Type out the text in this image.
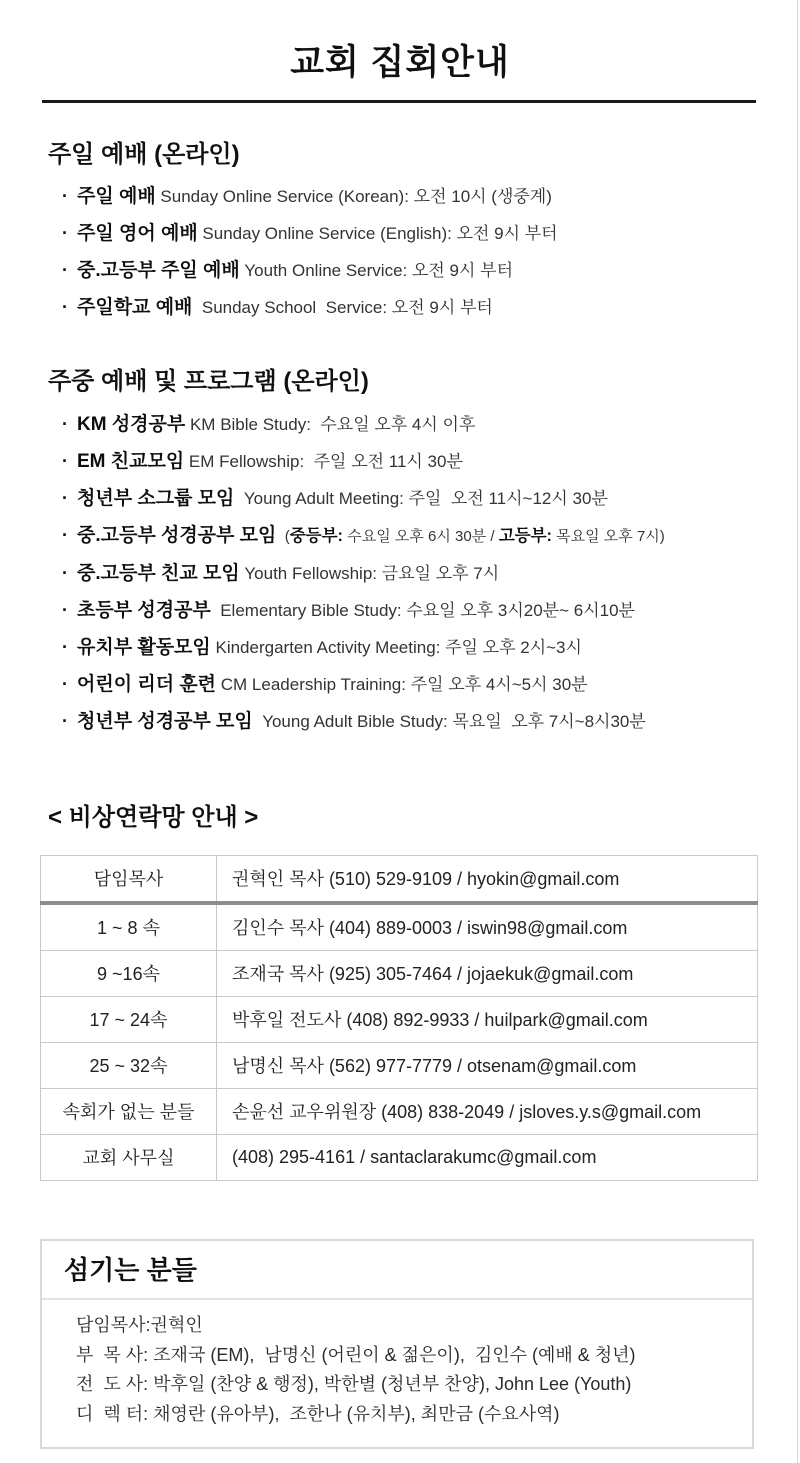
교회 집회안내
주일 예배 (온라인)
· 주일 예배 Sunday Online Service (Korean): 오전 10시 (생중계)
· 주일 영어 예배 Sunday Online Service (English): 오전 9시 부터
· 중.고등부 주일 예배 Youth Online Service: 오전 9시 부터
· 주일학교 예배  Sunday School  Service: 오전 9시 부터
주중 예배 및 프로그램 (온라인)
· KM 성경공부 KM Bible Study:  수요일 오후 4시 이후
· EM 친교모임 EM Fellowship:  주일 오전 11시 30분
· 청년부 소그룹 모임  Young Adult Meeting: 주일  오전 11시~12시 30분
· 중.고등부 성경공부 모임  (중등부: 수요일 오후 6시 30분 / 고등부: 목요일 오후 7시)
· 중.고등부 친교 모임 Youth Fellowship: 금요일 오후 7시
· 초등부 성경공부  Elementary Bible Study: 수요일 오후 3시20분~ 6시10분
· 유치부 활동모임 Kindergarten Activity Meeting: 주일 오후 2시~3시
· 어린이 리더 훈련 CM Leadership Training: 주일 오후 4시~5시 30분
· 청년부 성경공부 모임  Young Adult Bible Study: 목요일  오후 7시~8시30분
< 비상연락망 안내 >
담임목사	권혁인 목사 (510) 529-9109 / hyokin@gmail.com
1 ~ 8 속	김인수 목사 (404) 889-0003 / iswin98@gmail.com
9 ~16속	조재국 목사 (925) 305-7464 / jojaekuk@gmail.com
17 ~ 24속	박후일 전도사 (408) 892-9933 / huilpark@gmail.com
25 ~ 32속	남명신 목사 (562) 977-7779 / otsenam@gmail.com
속회가 없는 분들	손윤선 교우위원장 (408) 838-2049 / jsloves.y.s@gmail.com
교회 사무실	(408) 295-4161 / santaclarakumc@gmail.com
섬기는 분들
담임목사:권혁인
부  목 사: 조재국 (EM),  남명신 (어린이 & 젊은이),  김인수 (예배 & 청년)
전  도 사: 박후일 (찬양 & 행정), 박한별 (청년부 찬양), John Lee (Youth)
디  렉 터: 채영란 (유아부),  조한나 (유치부), 최만금 (수요사역)
